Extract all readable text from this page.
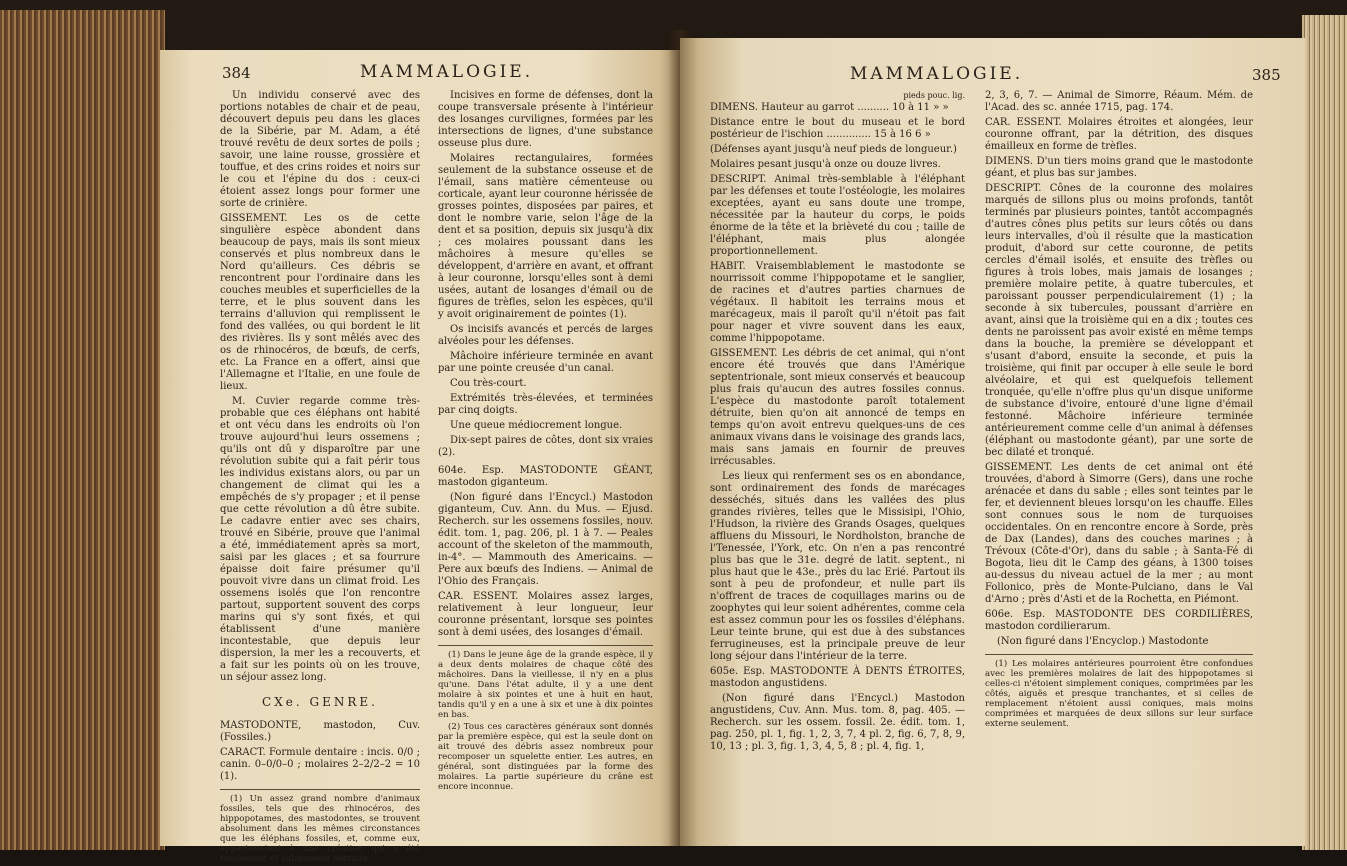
384	MAMMALOGIE.

Un individu conservé avec des portions notables de chair et de peau, découvert depuis peu dans les glaces de la Sibérie, par M. Adam, a été trouvé revêtu de deux sortes de poils ; savoir, une laine rousse, grossière et touffue, et des crins roides et noirs sur le cou et l'épine du dos : ceux-ci étoient assez longs pour former une sorte de crinière.

GISSEMENT. Les os de cette singulière espèce abondent dans beaucoup de pays, mais ils sont mieux conservés et plus nombreux dans le Nord qu'ailleurs. Ces débris se rencontrent pour l'ordinaire dans les couches meubles et superficielles de la terre, et le plus souvent dans les terrains d'alluvion qui remplissent le fond des vallées, ou qui bordent le lit des rivières. Ils y sont mêlés avec des os de rhinocéros, de bœufs, de cerfs, etc. La France en a offert, ainsi que l'Allemagne et l'Italie, en une foule de lieux.

M. Cuvier regarde comme très-probable que ces éléphans ont habité et ont vécu dans les endroits où l'on trouve aujourd'hui leurs ossemens ; qu'ils ont dû y disparoître par une révolution subite qui a fait périr tous les individus existans alors, ou par un changement de climat qui les a empêchés de s'y propager ; et il pense que cette révolution a dû être subite. Le cadavre entier avec ses chairs, trouvé en Sibérie, prouve que l'animal a été, immédiatement après sa mort, saisi par les glaces ; et sa fourrure épaisse doit faire présumer qu'il pouvoit vivre dans un climat froid. Les ossemens isolés que l'on rencontre partout, supportent souvent des corps marins qui s'y sont fixés, et qui établissent d'une manière incontestable, que depuis leur dispersion, la mer les a recouverts, et a fait sur les points où on les trouve, un séjour assez long.

CXe. GENRE.

MASTODONTE, mastodon, Cuv. (Fossiles.)

CARACT. Formule dentaire : incis. 0/0 ; canin. 0–0/0–0 ; molaires 2–2/2–2 = 10 (1).

(1) Un assez grand nombre d'animaux fossiles, tels que des rhinocéros, des hippopotames, des mastodontes, se trouvent absolument dans les mêmes circonstances que les éléphans fossiles, et, comme eux, appartenoient à une création qui a été totalement et subitement détruite.

Incisives en forme de défenses, dont la coupe transversale présente à l'intérieur des losanges curvilignes, formées par les intersections de lignes, d'une substance osseuse plus dure.

Molaires rectangulaires, formées seulement de la substance osseuse et de l'émail, sans matière cémenteuse ou corticale, ayant leur couronne hérissée de grosses pointes, disposées par paires, et dont le nombre varie, selon l'âge de la dent et sa position, depuis six jusqu'à dix ; ces molaires poussant dans les mâchoires à mesure qu'elles se développent, d'arrière en avant, et offrant à leur couronne, lorsqu'elles sont à demi usées, autant de losanges d'émail ou de figures de trèfles, selon les espèces, qu'il y avoit originairement de pointes (1).

Os incisifs avancés et percés de larges alvéoles pour les défenses.

Mâchoire inférieure terminée en avant par une pointe creusée d'un canal.

Cou très-court.

Extrémités très-élevées, et terminées par cinq doigts.

Une queue médiocrement longue.

Dix-sept paires de côtes, dont six vraies (2).

604e. Esp. MASTODONTE GÉANT, mastodon giganteum.

(Non figuré dans l'Encycl.) Mastodon giganteum, Cuv. Ann. du Mus. — Ejusd. Recherch. sur les ossemens fossiles, nouv. édit. tom. 1, pag. 206, pl. 1 à 7. — Peales account of the skeleton of the mammouth, in-4°. — Mammouth des Americains. — Pere aux bœufs des Indiens. — Animal de l'Ohio des Français.

CAR. ESSENT. Molaires assez larges, relativement à leur longueur, leur couronne présentant, lorsque ses pointes sont à demi usées, des losanges d'émail.

(1) Dans le jeune âge de la grande espèce, il y a deux dents molaires de chaque côté des mâchoires. Dans la vieillesse, il n'y en a plus qu'une. Dans l'état adulte, il y a une dent molaire à six pointes et une à huit en haut, tandis qu'il y en a une à six et une à dix pointes en bas.

(2) Tous ces caractères généraux sont donnés par la première espèce, qui est la seule dont on ait trouvé des débris assez nombreux pour recomposer un squelette entier. Les autres, en général, sont distinguées par la forme des molaires. La partie supérieure du crâne est encore inconnue.

MAMMALOGIE.	385
pieds pouc. lig.

DIMENS. Hauteur au garrot .......... 10 à 11 » »

Distance entre le bout du museau et le bord postérieur de l'ischion .............. 15 à 16 6 »

(Défenses ayant jusqu'à neuf pieds de longueur.)

Molaires pesant jusqu'à onze ou douze livres.

DESCRIPT. Animal très-semblable à l'éléphant par les défenses et toute l'ostéologie, les molaires exceptées, ayant eu sans doute une trompe, nécessitée par la hauteur du corps, le poids énorme de la tête et la brièveté du cou ; taille de l'éléphant, mais plus alongée proportionnellement.

HABIT. Vraisemblablement le mastodonte se nourrissoit comme l'hippopotame et le sanglier, de racines et d'autres parties charnues de végétaux. Il habitoit les terrains mous et marécageux, mais il paroît qu'il n'étoit pas fait pour nager et vivre souvent dans les eaux, comme l'hippopotame.

GISSEMENT. Les débris de cet animal, qui n'ont encore été trouvés que dans l'Amérique septentrionale, sont mieux conservés et beaucoup plus frais qu'aucun des autres fossiles connus. L'espèce du mastodonte paroît totalement détruite, bien qu'on ait annoncé de temps en temps qu'on avoit entrevu quelques-uns de ces animaux vivans dans le voisinage des grands lacs, mais sans jamais en fournir de preuves irrécusables.

Les lieux qui renferment ses os en abondance, sont ordinairement des fonds de marécages desséchés, situés dans les vallées des plus grandes rivières, telles que le Missisipi, l'Ohio, l'Hudson, la rivière des Grands Osages, quelques affluens du Missouri, le Nordholston, branche de l'Tenessée, l'York, etc. On n'en a pas rencontré plus bas que le 31e. degré de latit. septent., ni plus haut que le 43e., près du lac Erié. Partout ils sont à peu de profondeur, et nulle part ils n'offrent de traces de coquillages marins ou de zoophytes qui leur soient adhérentes, comme cela est assez commun pour les os fossiles d'éléphans. Leur teinte brune, qui est due à des substances ferrugineuses, est la principale preuve de leur long séjour dans l'intérieur de la terre.

605e. Esp. MASTODONTE À DENTS ÉTROITES, mastodon angustidens.

(Non figuré dans l'Encycl.) Mastodon angustidens, Cuv. Ann. Mus. tom. 8, pag. 405. — Recherch. sur les ossem. fossil. 2e. édit. tom. 1, pag. 250, pl. 1, fig. 1, 2, 3, 7, 4 pl. 2, fig. 6, 7, 8, 9, 10, 13 ; pl. 3, fig. 1, 3, 4, 5, 8 ; pl. 4, fig. 1,

2, 3, 6, 7. — Animal de Simorre, Réaum. Mém. de l'Acad. des sc. année 1715, pag. 174.

CAR. ESSENT. Molaires étroites et alongées, leur couronne offrant, par la détrition, des disques émailleux en forme de trèfles.

DIMENS. D'un tiers moins grand que le mastodonte géant, et plus bas sur jambes.

DESCRIPT. Cônes de la couronne des molaires marqués de sillons plus ou moins profonds, tantôt terminés par plusieurs pointes, tantôt accompagnés d'autres cônes plus petits sur leurs côtés ou dans leurs intervalles, d'où il résulte que la mastication produit, d'abord sur cette couronne, de petits cercles d'émail isolés, et ensuite des trèfles ou figures à trois lobes, mais jamais de losanges ; première molaire petite, à quatre tubercules, et paroissant pousser perpendiculairement (1) ; la seconde à six tubercules, poussant d'arrière en avant, ainsi que la troisième qui en a dix ; toutes ces dents ne paroissent pas avoir existé en même temps dans la bouche, la première se développant et s'usant d'abord, ensuite la seconde, et puis la troisième, qui finit par occuper à elle seule le bord alvéolaire, et qui est quelquefois tellement tronquée, qu'elle n'offre plus qu'un disque uniforme de substance d'ivoire, entouré d'une ligne d'émail festonné. Mâchoire inférieure terminée antérieurement comme celle d'un animal à défenses (éléphant ou mastodonte géant), par une sorte de bec dilaté et tronqué.

GISSEMENT. Les dents de cet animal ont été trouvées, d'abord à Simorre (Gers), dans une roche arénacée et dans du sable ; elles sont teintes par le fer, et deviennent bleues lorsqu'on les chauffe. Elles sont connues sous le nom de turquoises occidentales. On en rencontre encore à Sorde, près de Dax (Landes), dans des couches marines ; à Trévoux (Côte-d'Or), dans du sable ; à Santa-Fé di Bogota, lieu dit le Camp des géans, à 1300 toises au-dessus du niveau actuel de la mer ; au mont Follonico, près de Monte-Pulciano, dans le Val d'Arno ; près d'Asti et de la Rochetta, en Piémont.

606e. Esp. MASTODONTE DES CORDILIÈRES, mastodon cordilierarum.

(Non figuré dans l'Encyclop.) Mastodonte

(1) Les molaires antérieures pourroient être confondues avec les premières molaires de lait des hippopotames si celles-ci n'étoient simplement coniques, comprimées par les côtés, aiguës et presque tranchantes, et si celles de remplacement n'étoient aussi coniques, mais moins comprimées et marquées de deux sillons sur leur surface externe seulement.
